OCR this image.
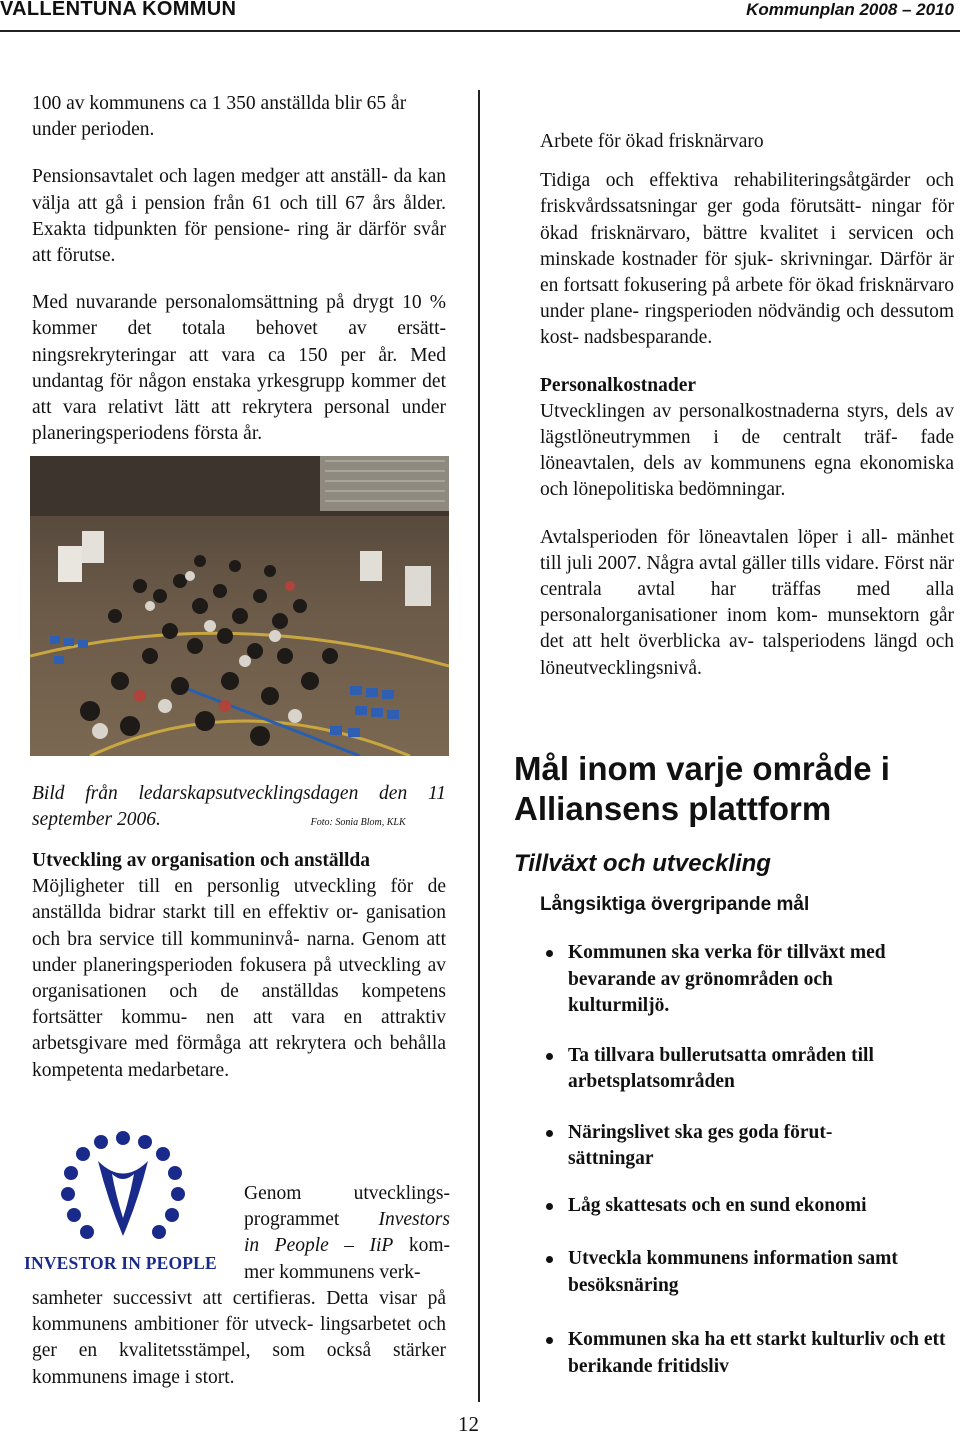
VALLENTUNA KOMMUN	Kommunplan 2008 – 2010

100 av kommunens ca 1 350 anställda blir 65 år under perioden.

Pensionsavtalet och lagen medger att anställ- da kan välja att gå i pension från 61 och till 67 års ålder. Exakta tidpunkten för pensione- ring är därför svår att förutse.

Med nuvarande personalomsättning på drygt 10 % kommer det totala behovet av ersätt- ningsrekryteringar att vara ca 150 per år. Med undantag för någon enstaka yrkesgrupp kommer det att vara relativt lätt att rekrytera personal under planeringsperiodens första år.

Bild från ledarskapsutvecklingsdagen den 11 september 2006.	Foto: Sonia Blom, KLK

Utveckling av organisation och anställda

Möjligheter till en personlig utveckling för de anställda bidrar starkt till en effektiv or- ganisation och bra service till kommuninvå- narna. Genom att under planeringsperioden fokusera på utveckling av organisationen och de anställdas kompetens fortsätter kommu- nen att vara en attraktiv arbetsgivare med förmåga att rekrytera och behålla kompetenta medarbetare.

INVESTOR IN PEOPLE

Genom utvecklings-

programmet Investors

in People – IiP kom-

mer kommunens verk-

samheter successivt att certifieras. Detta visar på kommunens ambitioner för utveck- lingsarbetet och ger en kvalitetsstämpel, som också stärker kommunens image i stort.

Arbete för ökad frisknärvaro

Tidiga och effektiva rehabiliteringsåtgärder och friskvårdssatsningar ger goda förutsätt- ningar för ökad frisknärvaro, bättre kvalitet i servicen och minskade kostnader för sjuk- skrivningar. Därför är en fortsatt fokusering på arbete för ökad frisknärvaro under plane- ringsperioden nödvändig och dessutom kost- nadsbesparande.

Personalkostnader

Utvecklingen av personalkostnaderna styrs, dels av lägstlöneutrymmen i de centralt träf- fade löneavtalen, dels av kommunens egna ekonomiska och lönepolitiska bedömningar.

Avtalsperioden för löneavtalen löper i all- mänhet till juli 2007. Några avtal gäller tills vidare. Först när centrala avtal har träffas med alla personalorganisationer inom kom- munsektorn går det att helt överblicka av- talsperiodens längd och löneutvecklingsnivå.

Mål inom varje område i
Alliansens plattform
Tillväxt och utveckling
Långsiktiga övergripande mål
Kommunen ska verka för tillväxt med bevarande av grönområden och kulturmiljö.
Ta tillvara bullerutsatta områden till arbetsplatsområden
Näringslivet ska ges goda förut- sättningar
Låg skattesats och en sund ekonomi
Utveckla kommunens information samt besöksnäring
Kommunen ska ha ett starkt kulturliv och ett berikande fritidsliv
12
